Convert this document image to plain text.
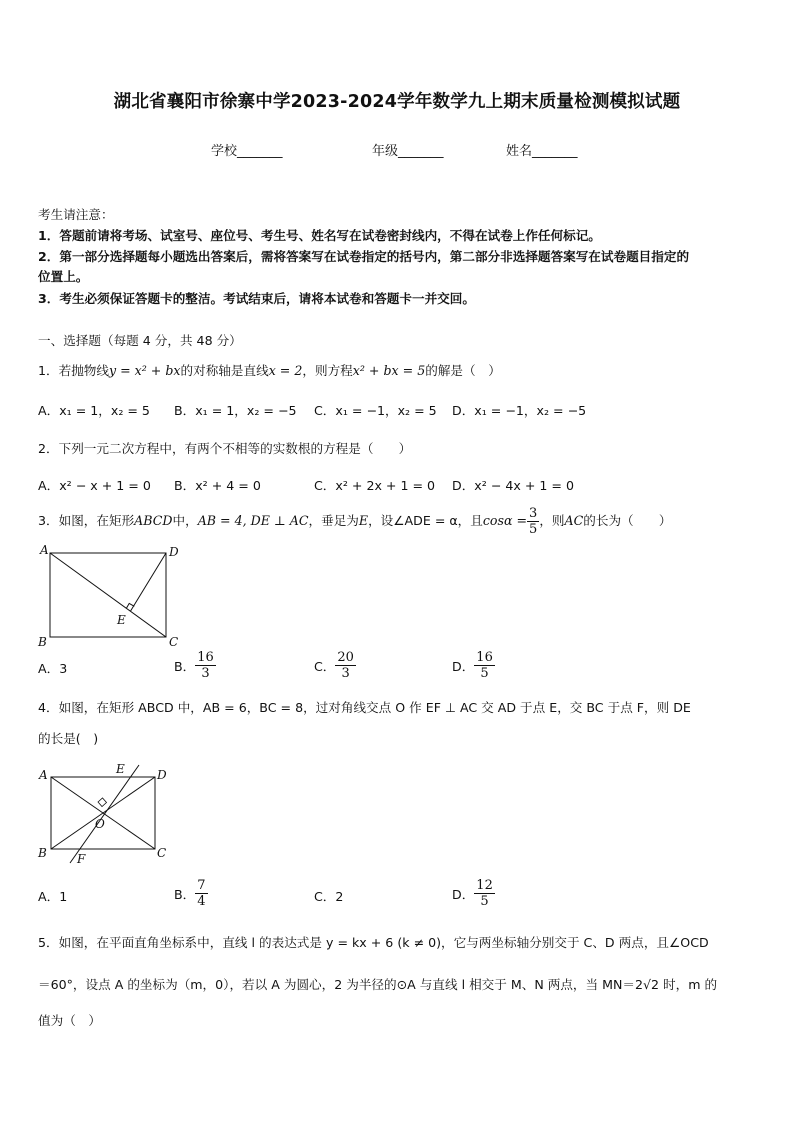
湖北省襄阳市徐寨中学2023-2024学年数学九上期末质量检测模拟试题
学校_______	年级_______	姓名_______
考生请注意：
1．答题前请将考场、试室号、座位号、考生号、姓名写在试卷密封线内，不得在试卷上作任何标记。
2．第一部分选择题每小题选出答案后，需将答案写在试卷指定的括号内，第二部分非选择题答案写在试卷题目指定的
位置上。
3．考生必须保证答题卡的整洁。考试结束后，请将本试卷和答题卡一并交回。
一、选择题（每题 4 分，共 48 分）
1．若抛物线y = x² + bx的对称轴是直线x = 2，则方程x² + bx = 5的解是（　）
A．x₁ = 1，x₂ = 5 B．x₁ = 1，x₂ = −5 C．x₁ = −1，x₂ = 5 D．x₁ = −1，x₂ = −5
2．下列一元二次方程中，有两个不相等的实数根的方程是（　　）
A．x² − x + 1 = 0 B．x² + 4 = 0	C．x² + 2x + 1 = 0 D．x² − 4x + 1 = 0
3．如图，在矩形ABCD中，AB = 4, DE ⊥ AC，垂足为E，设∠ADE = α，且$\cos\alpha = \frac{3}{5}$ ，则AC的长为（　　）
A	D
B	C
E
A．3	B． $\frac{16}{3}$	C． $\frac{20}{3}$	D． $\frac{16}{5}$
4．如图，在矩形 ABCD 中，AB = 6，BC = 8，过对角线交点 O 作 EF ⊥ AC 交 AD 于点 E，交 BC 于点 F，则 DE
的长是(　)
A	E	D
O
B	F	C
A．1	B． $\frac{7}{4}$	C．2	D． $\frac{12}{5}$
5．如图，在平面直角坐标系中，直线 l 的表达式是 y = kx + 6 (k ≠ 0)，它与两坐标轴分别交于 C、D 两点，且∠OCD
＝60°，设点 A 的坐标为（m，0），若以 A 为圆心，2 为半径的⊙A 与直线 l 相交于 M、N 两点，当 MN＝2√2 时，m 的
值为（　）
